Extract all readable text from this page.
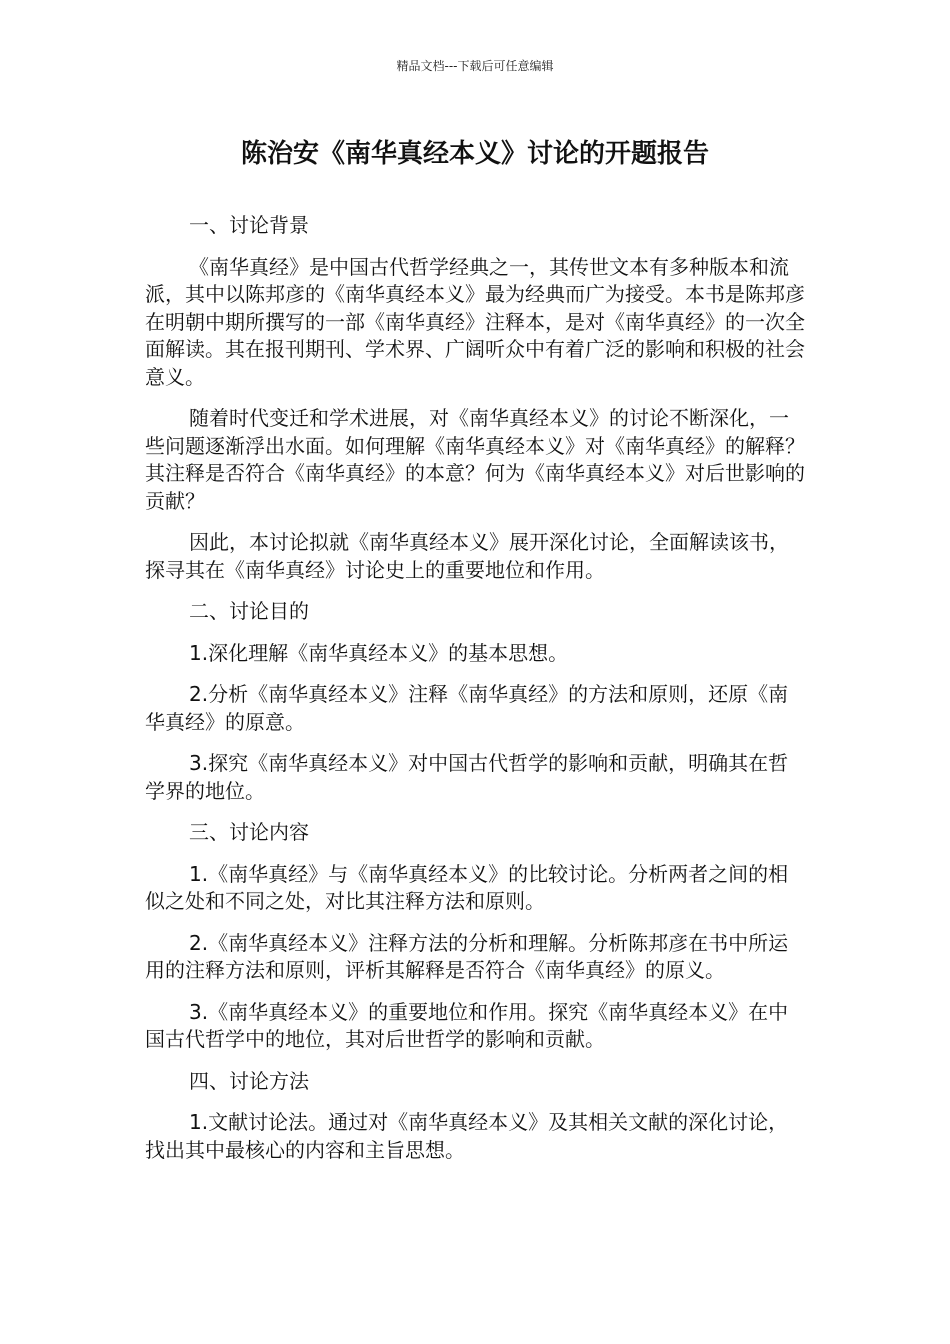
精品文档---下载后可任意编辑
陈治安《南华真经本义》讨论的开题报告

一、讨论背景

《南华真经》是中国古代哲学经典之一，其传世文本有多种版本和流派，其中以陈邦彦的《南华真经本义》最为经典而广为接受。本书是陈邦彦在明朝中期所撰写的一部《南华真经》注释本，是对《南华真经》的一次全面解读。其在报刊期刊、学术界、广阔听众中有着广泛的影响和积极的社会意义。

随着时代变迁和学术进展，对《南华真经本义》的讨论不断深化，一些问题逐渐浮出水面。如何理解《南华真经本义》对《南华真经》的解释？其注释是否符合《南华真经》的本意？何为《南华真经本义》对后世影响的贡献？

因此，本讨论拟就《南华真经本义》展开深化讨论，全面解读该书，探寻其在《南华真经》讨论史上的重要地位和作用。

二、讨论目的

1.深化理解《南华真经本义》的基本思想。

2.分析《南华真经本义》注释《南华真经》的方法和原则，还原《南华真经》的原意。

3.探究《南华真经本义》对中国古代哲学的影响和贡献，明确其在哲学界的地位。

三、讨论内容

1.《南华真经》与《南华真经本义》的比较讨论。分析两者之间的相似之处和不同之处，对比其注释方法和原则。

2.《南华真经本义》注释方法的分析和理解。分析陈邦彦在书中所运用的注释方法和原则，评析其解释是否符合《南华真经》的原义。

3.《南华真经本义》的重要地位和作用。探究《南华真经本义》在中国古代哲学中的地位，其对后世哲学的影响和贡献。

四、讨论方法

1.文献讨论法。通过对《南华真经本义》及其相关文献的深化讨论，找出其中最核心的内容和主旨思想。
